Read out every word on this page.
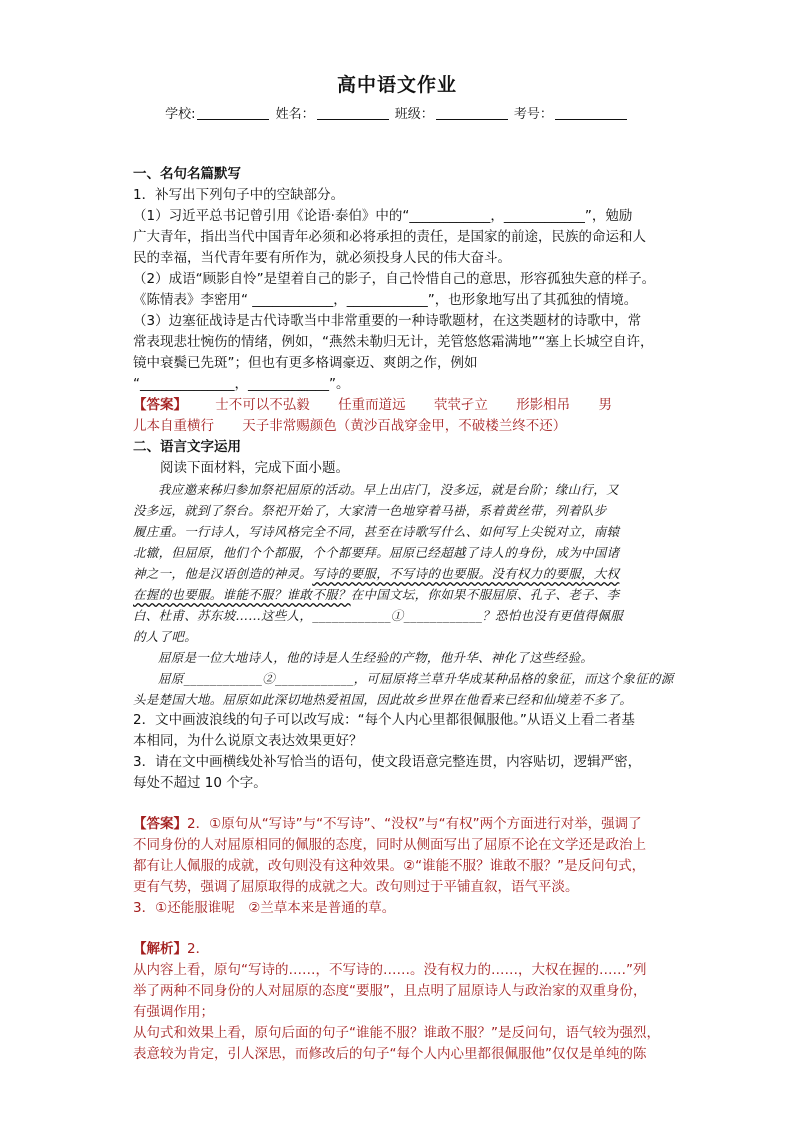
高中语文作业
学校:	姓名：	班级：	考号：

一、名句名篇默写

1．补写出下列句子中的空缺部分。

（1）习近平总书记曾引用《论语·泰伯》中的“____________，____________”，勉励

广大青年，指出当代中国青年必须和必将承担的责任，是国家的前途，民族的命运和人

民的幸福，当代青年要有所作为，就必须投身人民的伟大奋斗。

（2）成语“顾影自怜”是望着自己的影子，自己怜惜自己的意思，形容孤独失意的样子。

《陈情表》李密用“ ____________，____________”，也形象地写出了其孤独的情境。

（3）边塞征战诗是古代诗歌当中非常重要的一种诗歌题材，在这类题材的诗歌中，常

常表现悲壮惋伤的情绪，例如，“燕然未勒归无计，羌管悠悠霜满地”“塞上长城空自许，

镜中衰鬓已先斑”；但也有更多格调豪迈、爽朗之作，例如

“______________，____________”。

【答案】 士不可以不弘毅 任重而道远 茕茕孑立 形影相吊 男

儿本自重横行 天子非常赐颜色（黄沙百战穿金甲，不破楼兰终不还）

二、语言文字运用

阅读下面材料，完成下面小题。

我应邀来秭归参加祭祀屈原的活动。早上出店门，没多远，就是台阶；缘山行，又

没多远，就到了祭台。祭祀开始了，大家清一色地穿着马褂，系着黄丝带，列着队步

履庄重。一行诗人，写诗风格完全不同，甚至在诗歌写什么、如何写上尖锐对立，南辕

北辙，但屈原，他们个个都服，个个都要拜。屈原已经超越了诗人的身份，成为中国诸

神之一，他是汉语创造的神灵。写诗的要服，不写诗的也要服。没有权力的要服，大权

在握的也要服。谁能不服？谁敢不服？在中国文坛，你如果不服屈原、孔子、老子、李

白、杜甫、苏东坡……这些人，____________①____________？恐怕也没有更值得佩服

的人了吧。

屈原是一位大地诗人，他的诗是人生经验的产物，他升华、神化了这些经验。

屈原____________②____________，可屈原将兰草升华成某种品格的象征，而这个象征的源

头是楚国大地。屈原如此深切地热爱祖国，因此故乡世界在他看来已经和仙境差不多了。

2．文中画波浪线的句子可以改写成：“每个人内心里都很佩服他。”从语义上看二者基

本相同，为什么说原文表达效果更好？

3．请在文中画横线处补写恰当的语句，使文段语意完整连贯，内容贴切，逻辑严密，

每处不超过 10 个字。

【答案】2．①原句从“写诗”与“不写诗”、“没权”与“有权”两个方面进行对举，强调了

不同身份的人对屈原相同的佩服的态度，同时从侧面写出了屈原不论在文学还是政治上

都有让人佩服的成就，改句则没有这种效果。②“谁能不服？谁敢不服？”是反问句式，

更有气势，强调了屈原取得的成就之大。改句则过于平铺直叙，语气平淡。

3．①还能服谁呢　②兰草本来是普通的草。

【解析】2．

从内容上看，原句“写诗的……，不写诗的……。没有权力的……，大权在握的……”列

举了两种不同身份的人对屈原的态度“要服”，且点明了屈原诗人与政治家的双重身份，

有强调作用；

从句式和效果上看，原句后面的句子“谁能不服？谁敢不服？”是反问句，语气较为强烈，

表意较为肯定，引人深思，而修改后的句子“每个人内心里都很佩服他”仅仅是单纯的陈
